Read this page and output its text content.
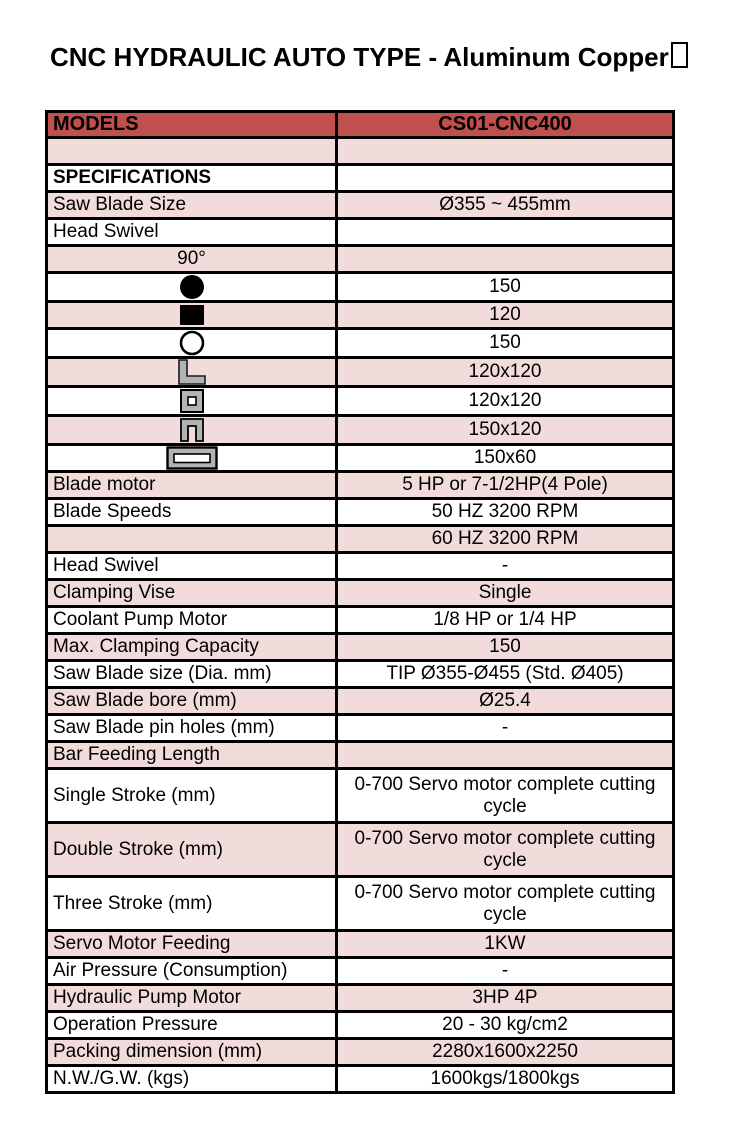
CNC HYDRAULIC AUTO TYPE - Aluminum Copper
MODELS	CS01-CNC400

SPECIFICATIONS	
Saw Blade Size	Ø355 ~ 455mm
Head Swivel	
90°	
	150
	120
	150
	120x120
	120x120
	150x120
	150x60
Blade motor	5 HP or 7-1/2HP(4 Pole)
Blade Speeds	50 HZ 3200 RPM
	60 HZ 3200 RPM
Head Swivel	-
Clamping Vise	Single
Coolant Pump Motor	1/8 HP or 1/4 HP
Max. Clamping Capacity	150
Saw Blade size (Dia. mm)	TIP Ø355-Ø455 (Std. Ø405)
Saw Blade bore (mm)	Ø25.4
Saw Blade pin holes (mm)	-
Bar Feeding Length	
Single Stroke (mm)	0-700 Servo motor complete cutting cycle
Double Stroke (mm)	0-700 Servo motor complete cutting cycle
Three Stroke (mm)	0-700 Servo motor complete cutting cycle
Servo Motor Feeding	1KW
Air Pressure (Consumption)	-
Hydraulic Pump Motor	3HP 4P
Operation Pressure	20 - 30 kg/cm2
Packing dimension (mm)	2280x1600x2250
N.W./G.W. (kgs)	1600kgs/1800kgs
